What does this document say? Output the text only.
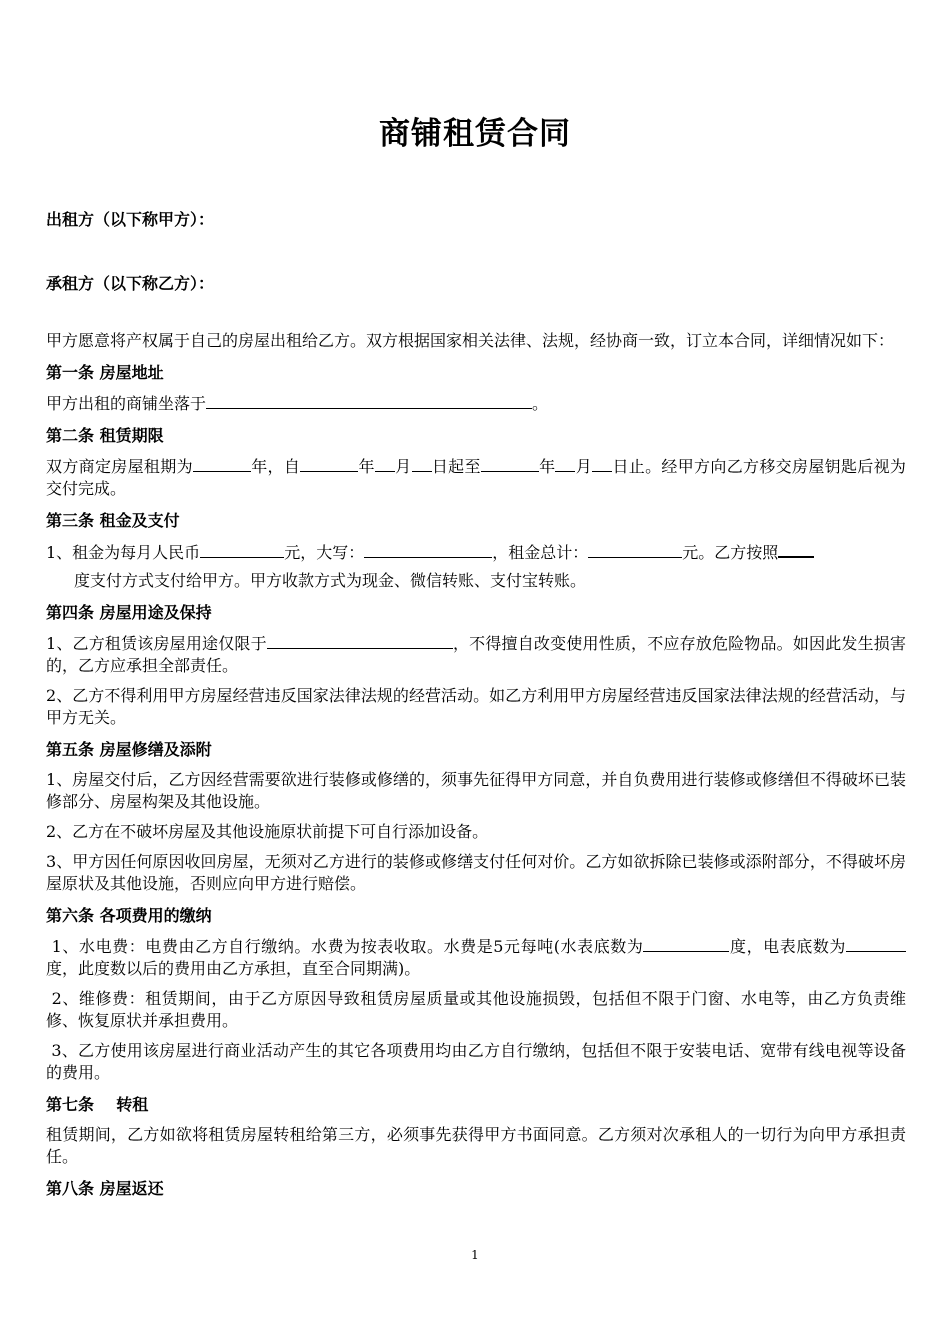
商铺租赁合同
出租方（以下称甲方）：
承租方（以下称乙方）：

甲方愿意将产权属于自己的房屋出租给乙方。双方根据国家相关法律、法规，经协商一致，订立本合同，详细情况如下：

第一条 房屋地址

甲方出租的商铺坐落于	。

第二条 租赁期限

双方商定房屋租期为	年，自	年 月 日起至	年 月 日止。经甲方向乙方移交房屋钥匙后视为交付完成。

第三条 租金及支付

1、租金为每月人民币	元，大写：	，租金总计：	元。乙方按照

度支付方式支付给甲方。甲方收款方式为现金、微信转账、支付宝转账。

第四条 房屋用途及保持

1、乙方租赁该房屋用途仅限于	，不得擅自改变使用性质，不应存放危险物品。如因此发生损害的，乙方应承担全部责任。

2、乙方不得利用甲方房屋经营违反国家法律法规的经营活动。如乙方利用甲方房屋经营违反国家法律法规的经营活动，与甲方无关。

第五条 房屋修缮及添附

1、房屋交付后，乙方因经营需要欲进行装修或修缮的，须事先征得甲方同意，并自负费用进行装修或修缮但不得破坏已装修部分、房屋构架及其他设施。

2、乙方在不破坏房屋及其他设施原状前提下可自行添加设备。

3、甲方因任何原因收回房屋，无须对乙方进行的装修或修缮支付任何对价。乙方如欲拆除已装修或添附部分，不得破坏房屋原状及其他设施，否则应向甲方进行赔偿。

第六条 各项费用的缴纳

1、水电费：电费由乙方自行缴纳。水费为按表收取。水费是5元每吨(水表底数为	度，电表底数为度，此度数以后的费用由乙方承担，直至合同期满)。

2、维修费：租赁期间，由于乙方原因导致租赁房屋质量或其他设施损毁，包括但不限于门窗、水电等，由乙方负责维修、恢复原状并承担费用。

3、乙方使用该房屋进行商业活动产生的其它各项费用均由乙方自行缴纳，包括但不限于安装电话、宽带有线电视等设备的费用。

第七条    转租

租赁期间，乙方如欲将租赁房屋转租给第三方，必须事先获得甲方书面同意。乙方须对次承租人的一切行为向甲方承担责任。

第八条 房屋返还
1
